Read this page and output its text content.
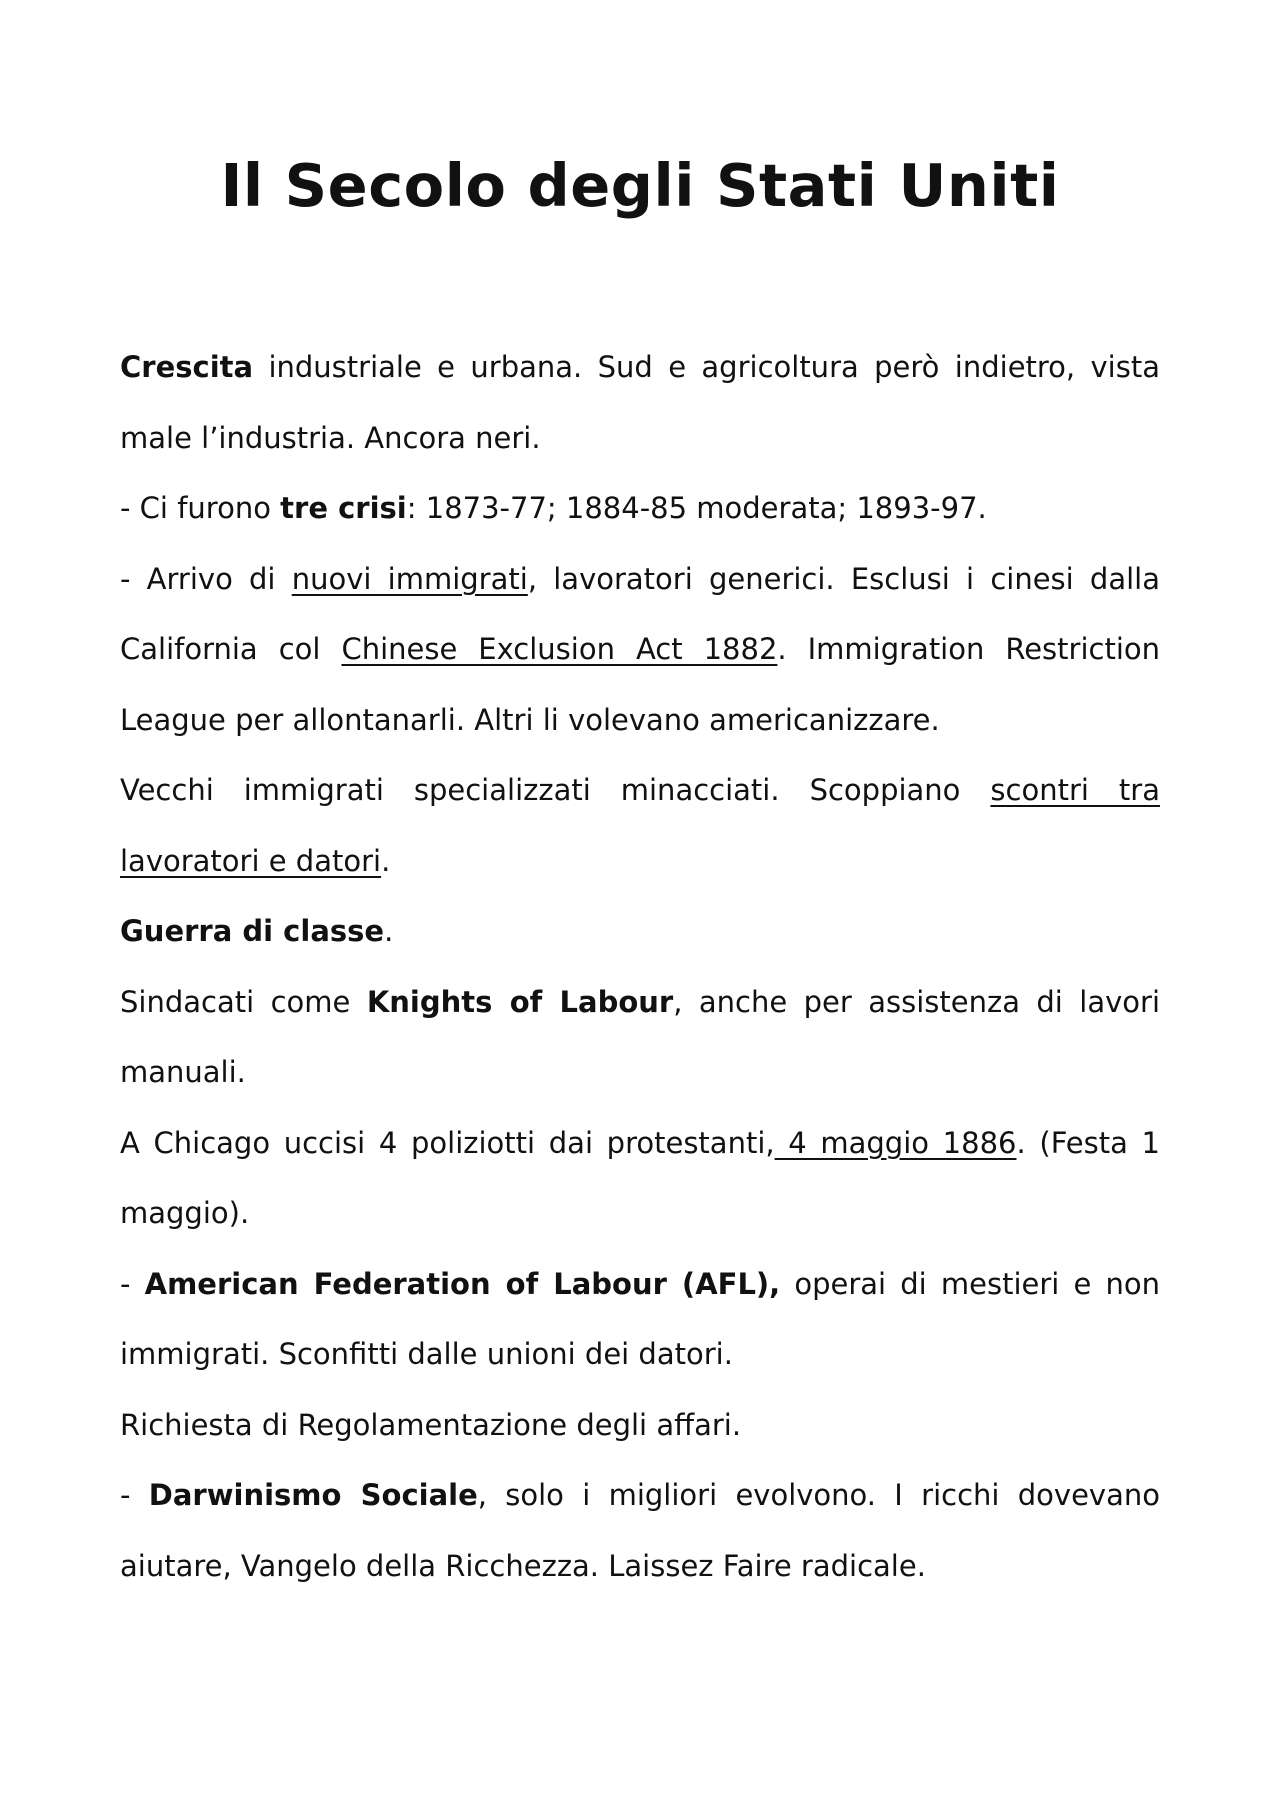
Il Secolo degli Stati Uniti

Crescita industriale e urbana. Sud e agricoltura però indietro, vista male l’industria. Ancora neri.

- Ci furono tre crisi: 1873-77; 1884-85 moderata; 1893-97.

- Arrivo di nuovi immigrati, lavoratori generici. Esclusi i cinesi dalla California col Chinese Exclusion Act 1882. Immigration Restriction League per allontanarli. Altri li volevano americanizzare.

Vecchi immigrati specializzati minacciati. Scoppiano scontri tra lavoratori e datori.

Guerra di classe.

Sindacati come Knights of Labour, anche per assistenza di lavori manuali.

A Chicago uccisi 4 poliziotti dai protestanti, 4 maggio 1886. (Festa 1 maggio).

- American Federation of Labour (AFL), operai di mestieri e non immigrati. Sconfitti dalle unioni dei datori.

Richiesta di Regolamentazione degli affari.

- Darwinismo Sociale, solo i migliori evolvono. I ricchi dovevano aiutare, Vangelo della Ricchezza. Laissez Faire radicale.
